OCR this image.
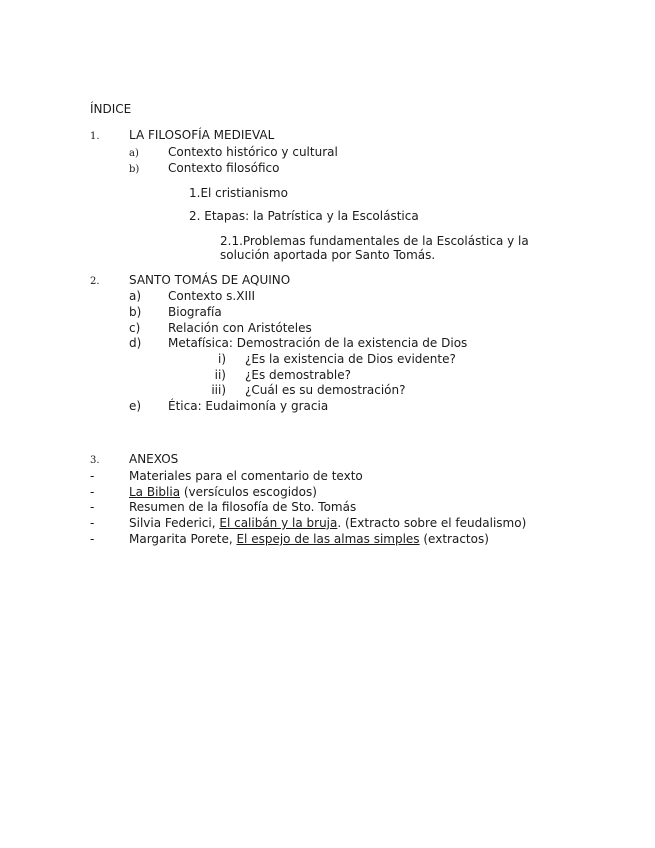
ÍNDICE
1. LA FILOSOFÍA MEDIEVAL
a) Contexto histórico y cultural
b) Contexto filosófico
1.El cristianismo
2. Etapas: la Patrística y la Escolástica
2.1.Problemas fundamentales de la Escolástica y la
solución aportada por Santo Tomás.
2. SANTO TOMÁS DE AQUINO
a) Contexto s.XIII
b) Biografía
c) Relación con Aristóteles
d) Metafísica: Demostración de la existencia de Dios
i) ¿Es la existencia de Dios evidente?
ii) ¿Es demostrable?
iii) ¿Cuál es su demostración?
e) Ética: Eudaimonía y gracia
3. ANEXOS
-	Materiales para el comentario de texto
-	La Biblia (versículos escogidos)
-	Resumen de la filosofía de Sto. Tomás
-	Silvia Federici, El calibán y la bruja. (Extracto sobre el feudalismo)
-	Margarita Porete, El espejo de las almas simples (extractos)
